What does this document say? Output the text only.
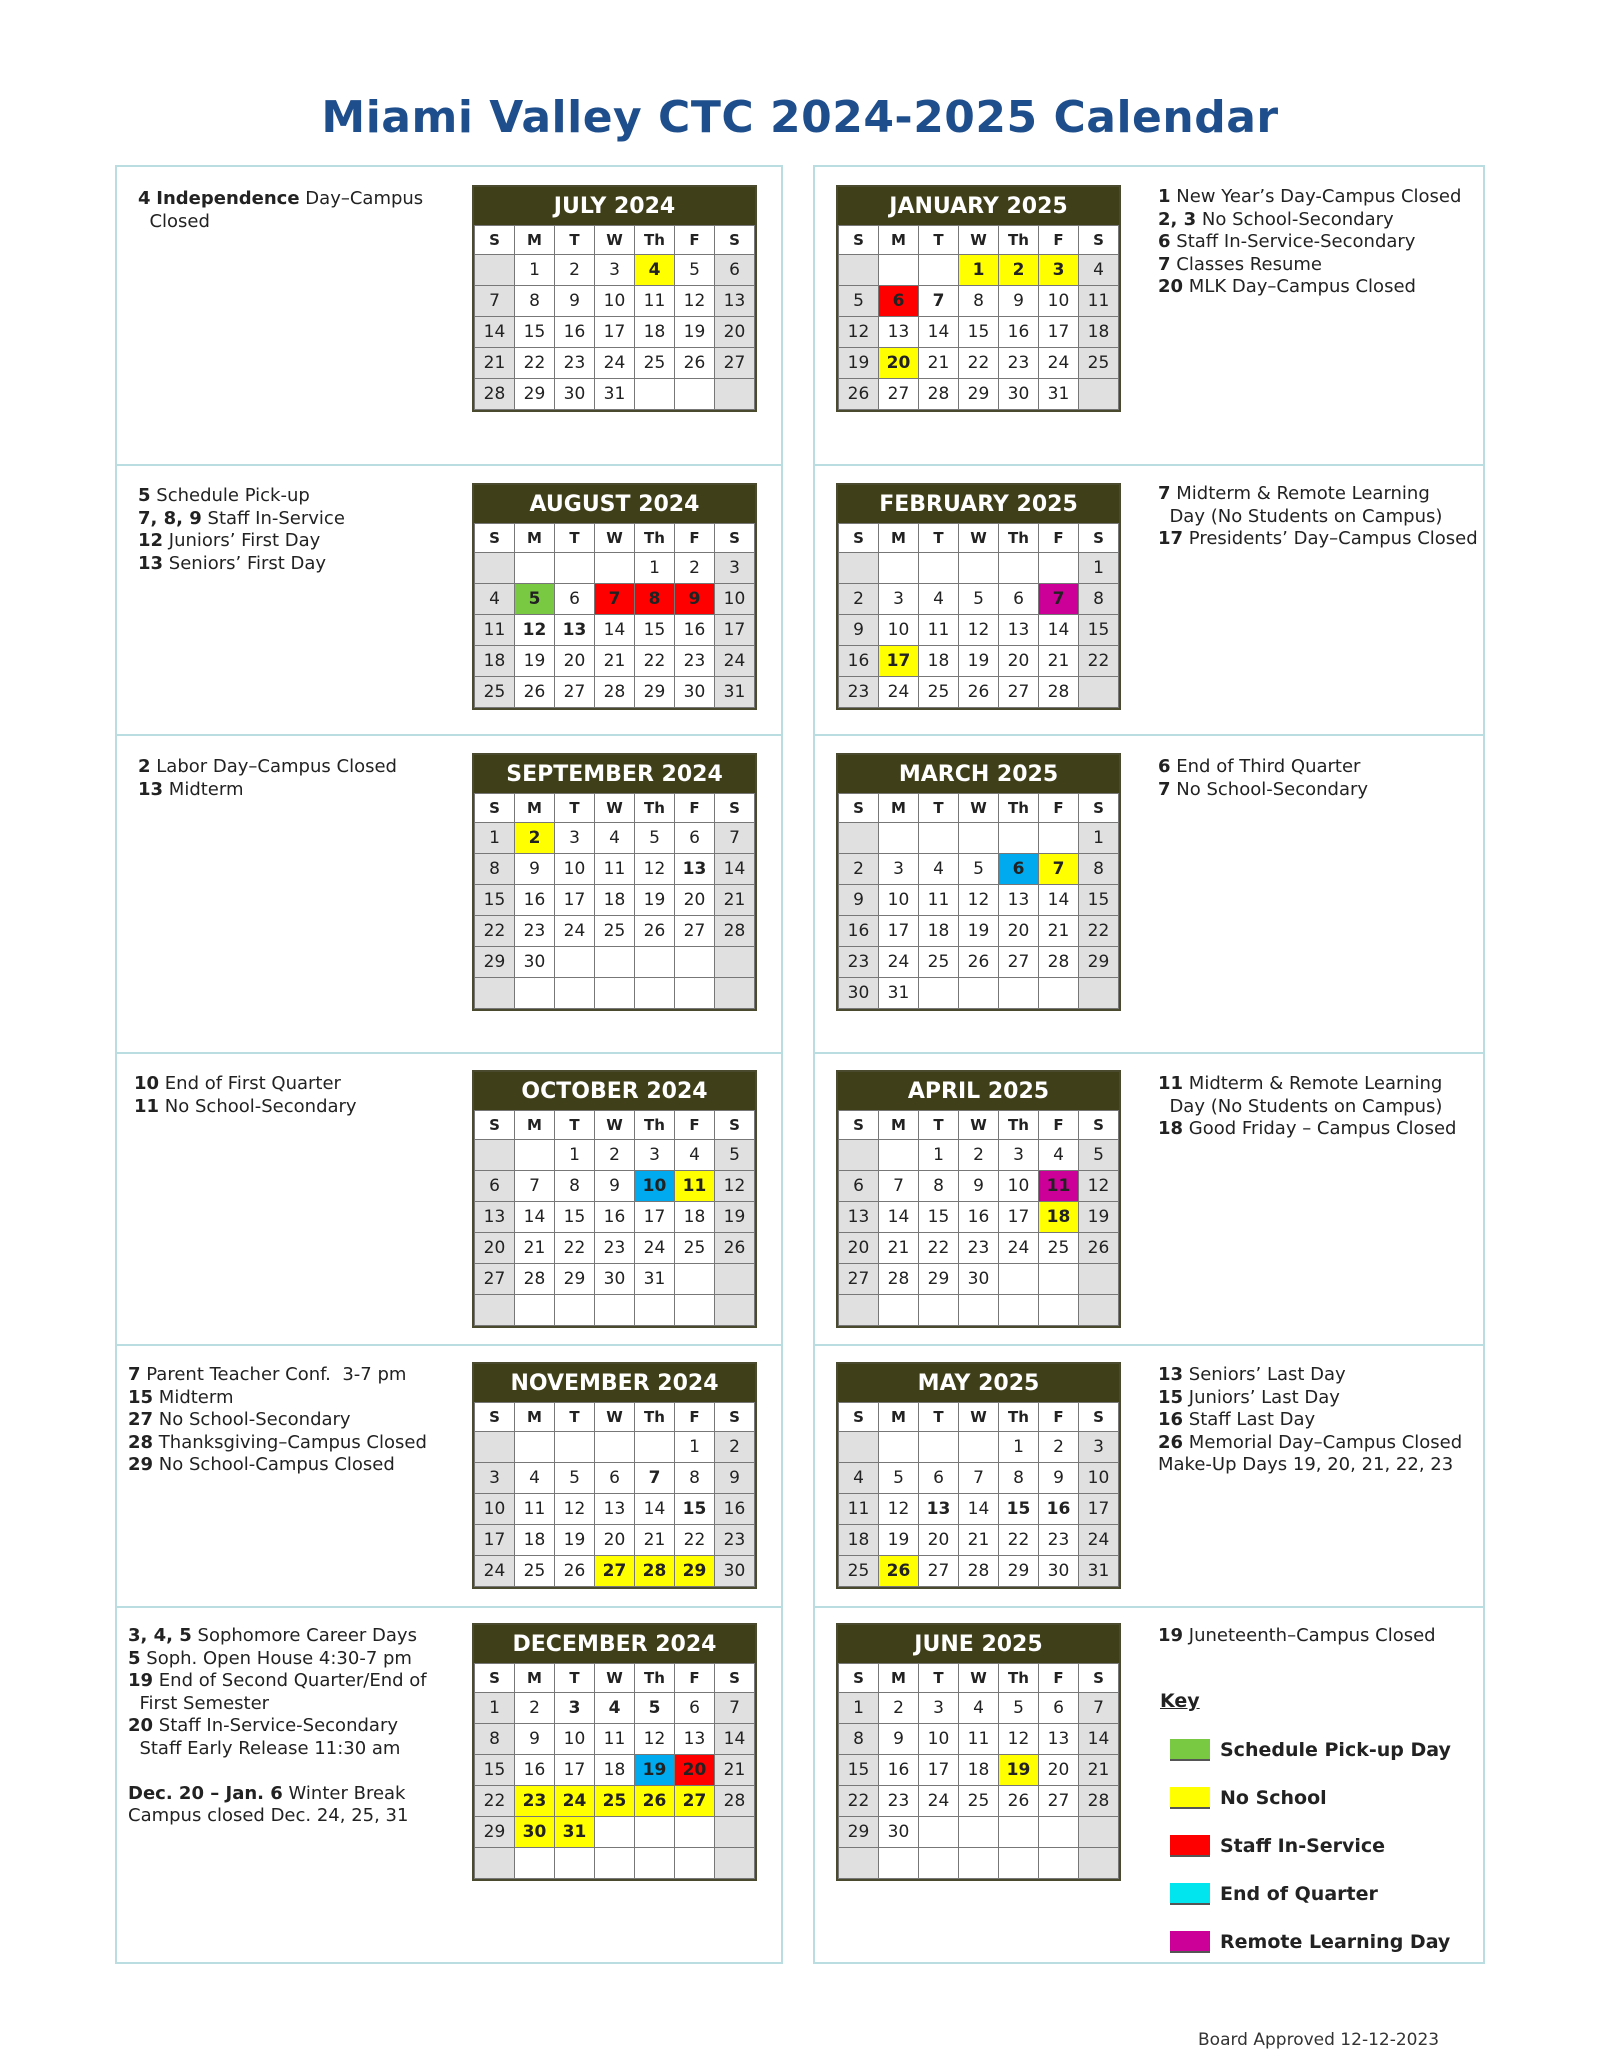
Miami Valley CTC 2024-2025 Calendar
4 Independence Day–Campus
Closed
JULY 2024
S	M	T	W	Th	F	S
	1	2	3	4	5	6
7	8	9	10	11	12	13
14	15	16	17	18	19	20
21	22	23	24	25	26	27
28	29	30	31			
5 Schedule Pick-up
7, 8, 9 Staff In-Service
12 Juniors’ First Day
13 Seniors’ First Day
AUGUST 2024
S	M	T	W	Th	F	S
				1	2	3
4	5	6	7	8	9	10
11	12	13	14	15	16	17
18	19	20	21	22	23	24
25	26	27	28	29	30	31
2 Labor Day–Campus Closed
13 Midterm
SEPTEMBER 2024
S	M	T	W	Th	F	S
1	2	3	4	5	6	7
8	9	10	11	12	13	14
15	16	17	18	19	20	21
22	23	24	25	26	27	28
29	30					

10 End of First Quarter
11 No School-Secondary
OCTOBER 2024
S	M	T	W	Th	F	S
		1	2	3	4	5
6	7	8	9	10	11	12
13	14	15	16	17	18	19
20	21	22	23	24	25	26
27	28	29	30	31		

7 Parent Teacher Conf.  3-7 pm
15 Midterm
27 No School-Secondary
28 Thanksgiving–Campus Closed
29 No School-Campus Closed
NOVEMBER 2024
S	M	T	W	Th	F	S
					1	2
3	4	5	6	7	8	9
10	11	12	13	14	15	16
17	18	19	20	21	22	23
24	25	26	27	28	29	30
3, 4, 5 Sophomore Career Days
5 Soph. Open House 4:30-7 pm
19 End of Second Quarter/End of
First Semester
20 Staff In-Service-Secondary
Staff Early Release 11:30 am

Dec. 20 – Jan. 6 Winter Break
Campus closed Dec. 24, 25, 31
DECEMBER 2024
S	M	T	W	Th	F	S
1	2	3	4	5	6	7
8	9	10	11	12	13	14
15	16	17	18	19	20	21
22	23	24	25	26	27	28
29	30	31				

1 New Year’s Day-Campus Closed
2, 3 No School-Secondary
6 Staff In-Service-Secondary
7 Classes Resume
20 MLK Day–Campus Closed
JANUARY 2025
S	M	T	W	Th	F	S
			1	2	3	4
5	6	7	8	9	10	11
12	13	14	15	16	17	18
19	20	21	22	23	24	25
26	27	28	29	30	31	
7 Midterm & Remote Learning
Day (No Students on Campus)
17 Presidents’ Day–Campus Closed
FEBRUARY 2025
S	M	T	W	Th	F	S
						1
2	3	4	5	6	7	8
9	10	11	12	13	14	15
16	17	18	19	20	21	22
23	24	25	26	27	28	
6 End of Third Quarter
7 No School-Secondary
MARCH 2025
S	M	T	W	Th	F	S
						1
2	3	4	5	6	7	8
9	10	11	12	13	14	15
16	17	18	19	20	21	22
23	24	25	26	27	28	29
30	31					
11 Midterm & Remote Learning
Day (No Students on Campus)
18 Good Friday – Campus Closed
APRIL 2025
S	M	T	W	Th	F	S
		1	2	3	4	5
6	7	8	9	10	11	12
13	14	15	16	17	18	19
20	21	22	23	24	25	26
27	28	29	30			

13 Seniors’ Last Day
15 Juniors’ Last Day
16 Staff Last Day
26 Memorial Day–Campus Closed
Make-Up Days 19, 20, 21, 22, 23
MAY 2025
S	M	T	W	Th	F	S
				1	2	3
4	5	6	7	8	9	10
11	12	13	14	15	16	17
18	19	20	21	22	23	24
25	26	27	28	29	30	31
19 Juneteenth–Campus Closed
JUNE 2025
S	M	T	W	Th	F	S
1	2	3	4	5	6	7
8	9	10	11	12	13	14
15	16	17	18	19	20	21
22	23	24	25	26	27	28
29	30					

Key
Schedule Pick-up Day
No School
Staff In-Service
End of Quarter
Remote Learning Day
Board Approved 12-12-2023
